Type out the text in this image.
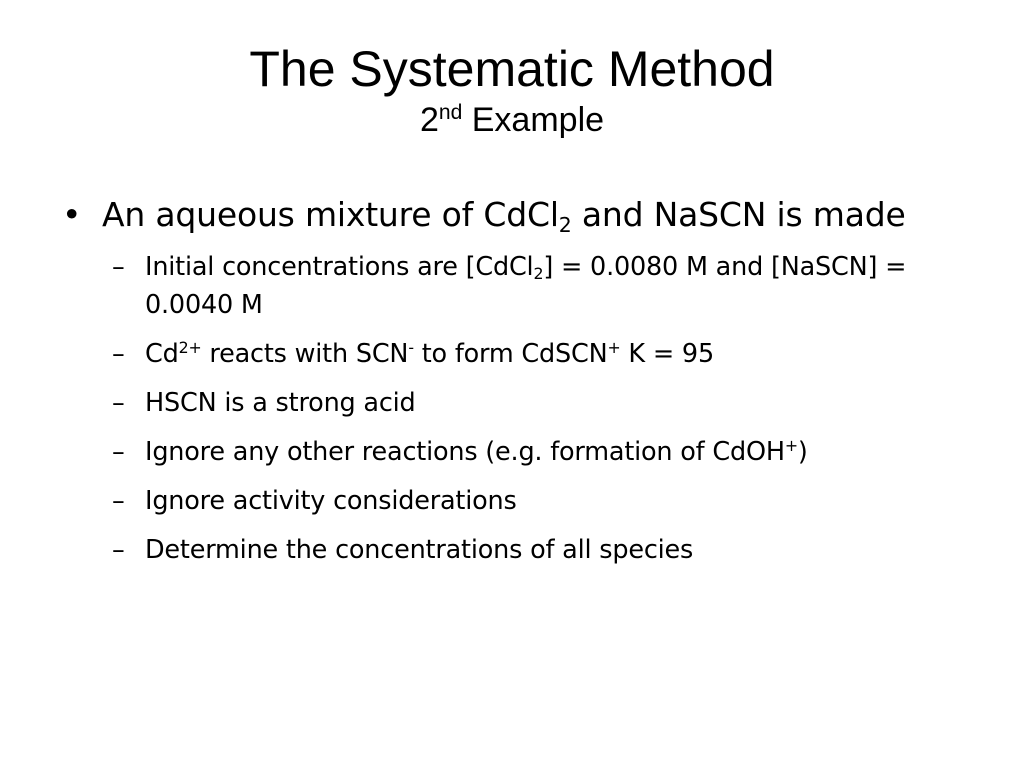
The Systematic Method
2nd Example
• An aqueous mixture of CdCl$_2$ and NaSCN is made
– Initial concentrations are [CdCl$_2$] = 0.0080 M and [NaSCN] = 0.0040 M
– $Cd^{2+}$ reacts with SCN- to form CdSCN+ K = 95
– HSCN is a strong acid
– Ignore any other reactions (e.g. formation of CdOH+)
– Ignore activity considerations
– Determine the concentrations of all species
